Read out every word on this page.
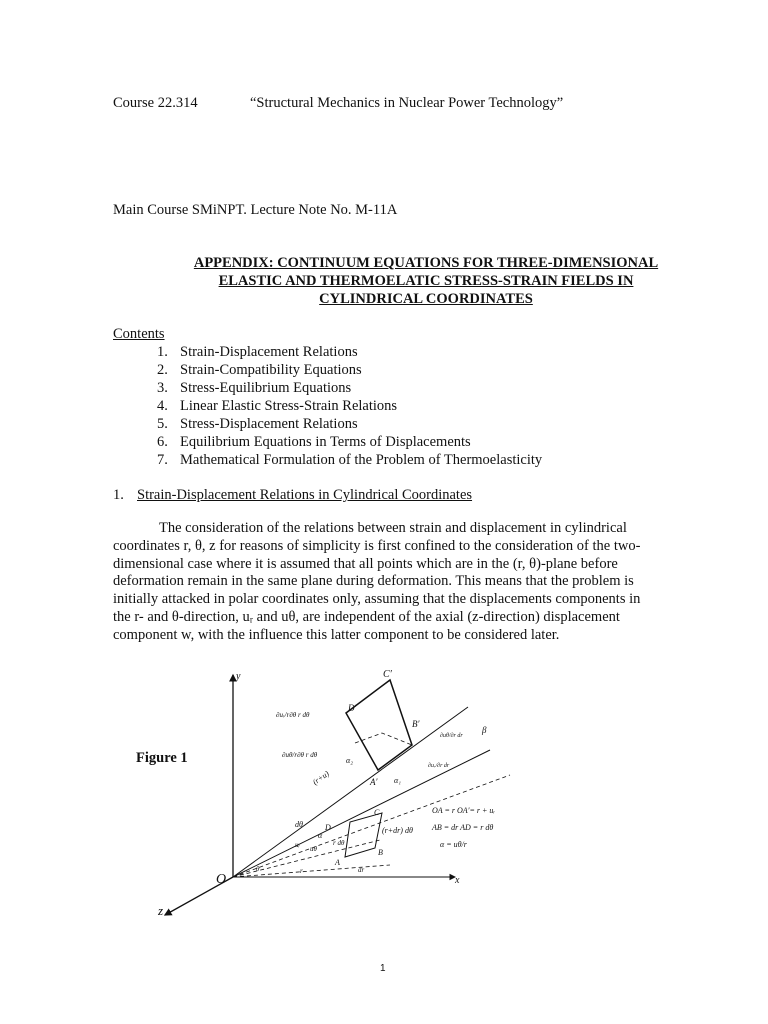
Course 22.314	“Structural Mechanics in Nuclear Power Technology”
Main Course SMiNPT. Lecture Note No. M-11A
APPENDIX: CONTINUUM EQUATIONS FOR THREE-DIMENSIONAL
ELASTIC AND THERMOELATIC STRESS-STRAIN FIELDS IN
CYLINDRICAL COORDINATES
Contents
1. Strain-Displacement Relations
2. Strain-Compatibility Equations
3. Stress-Equilibrium Equations
4. Linear Elastic Stress-Strain Relations
5. Stress-Displacement Relations
6. Equilibrium Equations in Terms of Displacements
7. Mathematical Formulation of the Problem of Thermoelasticity
1. Strain-Displacement Relations in Cylindrical Coordinates
The consideration of the relations between strain and displacement in cylindrical coordinates r, θ, z for reasons of simplicity is first confined to the consideration of the two-dimensional case where it is assumed that all points which are in the (r, θ)-plane before deformation remain in the same plane during deformation. This means that the problem is initially attacked in polar coordinates only, assuming that the displacements components in the r- and θ-direction, uᵣ and uθ, are independent of the axial (z-direction) displacement component w, with the influence this latter component to be considered later.
Figure 1
y
x
z
O
C′
D′
B′
A′
A
B
C
D
α₁
α₂
β
α
dθ
r	dr
θ
(r+u)
(r+dr) dθ
r dθ
∂uᵣ/r∂θ r dθ
∂uθ/r∂θ r dθ
∂uθ/∂r dr
∂uᵣ/∂r dr
uθ
uᵣ
OA = r OA′= r + uᵣ
AB = dr AD = r dθ
α = uθ/r
1
